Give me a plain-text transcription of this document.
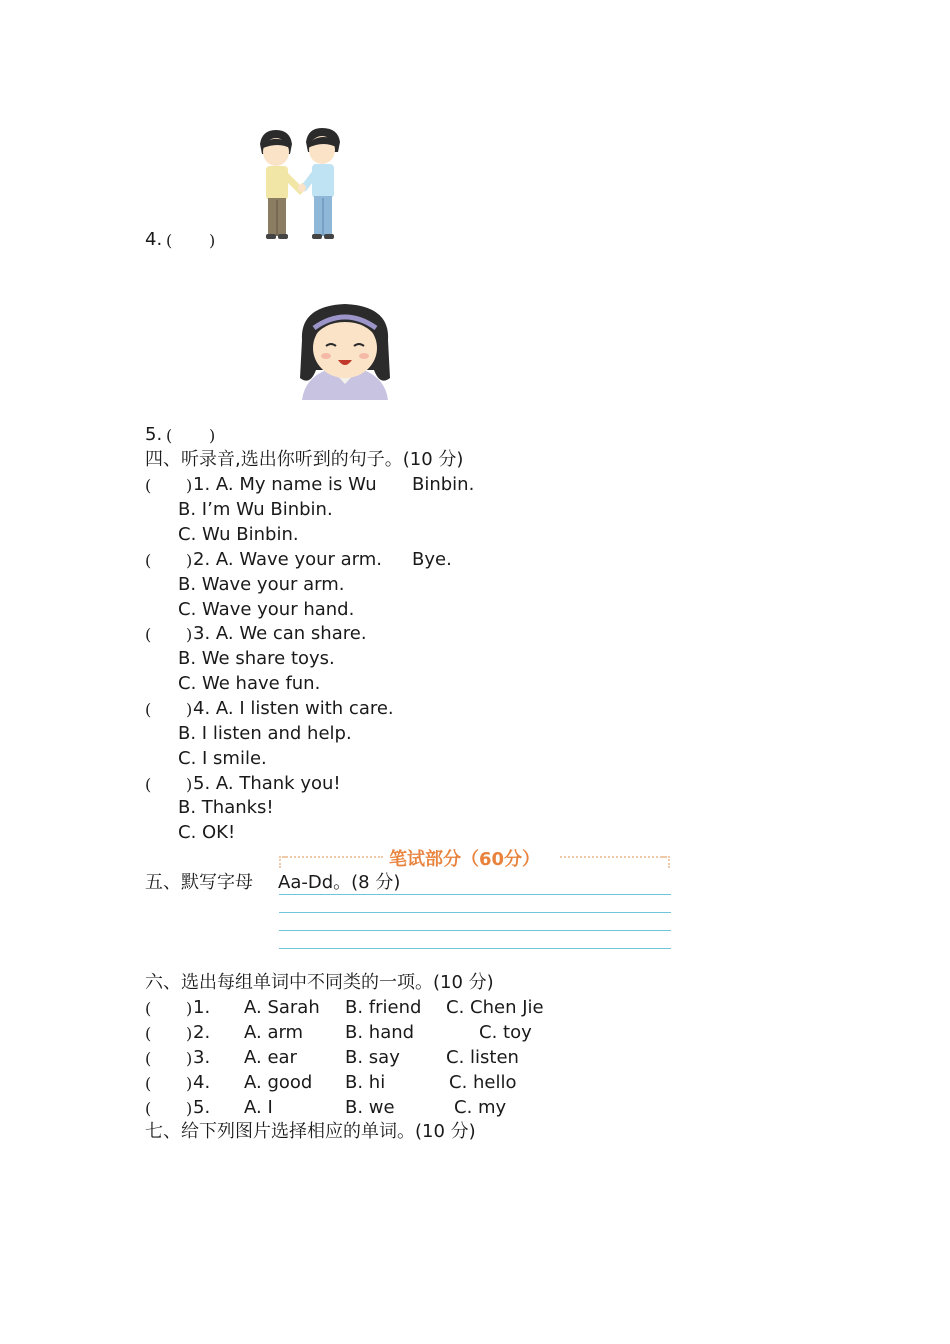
4. ( )
5. ( )
四、听录音,选出你听到的句子。(10 分)
( ) 1. A. My name is Wu Binbin.
B. I’m Wu Binbin.
C. Wu Binbin.
( ) 2. A. Wave your arm. Bye.
B. Wave your arm.
C. Wave your hand.
( ) 3. A. We can share.
B. We share toys.
C. We have fun.
( ) 4. A. I listen with care.
B. I listen and help.
C. I smile.
( ) 5. A. Thank you!
B. Thanks!
C. OK!
笔试部分（60分）
五、默写字母 Aa-Dd。(8 分)
六、选出每组单词中不同类的一项。(10 分)
( ) 1. A. Sarah B. friend C. Chen Jie
( ) 2. A. arm B. hand	C. toy
( ) 3. A. ear	B. say	C. listen
( ) 4. A. good B. hi	C. hello
( ) 5. A. I	B. we	C. my
七、给下列图片选择相应的单词。(10 分)
